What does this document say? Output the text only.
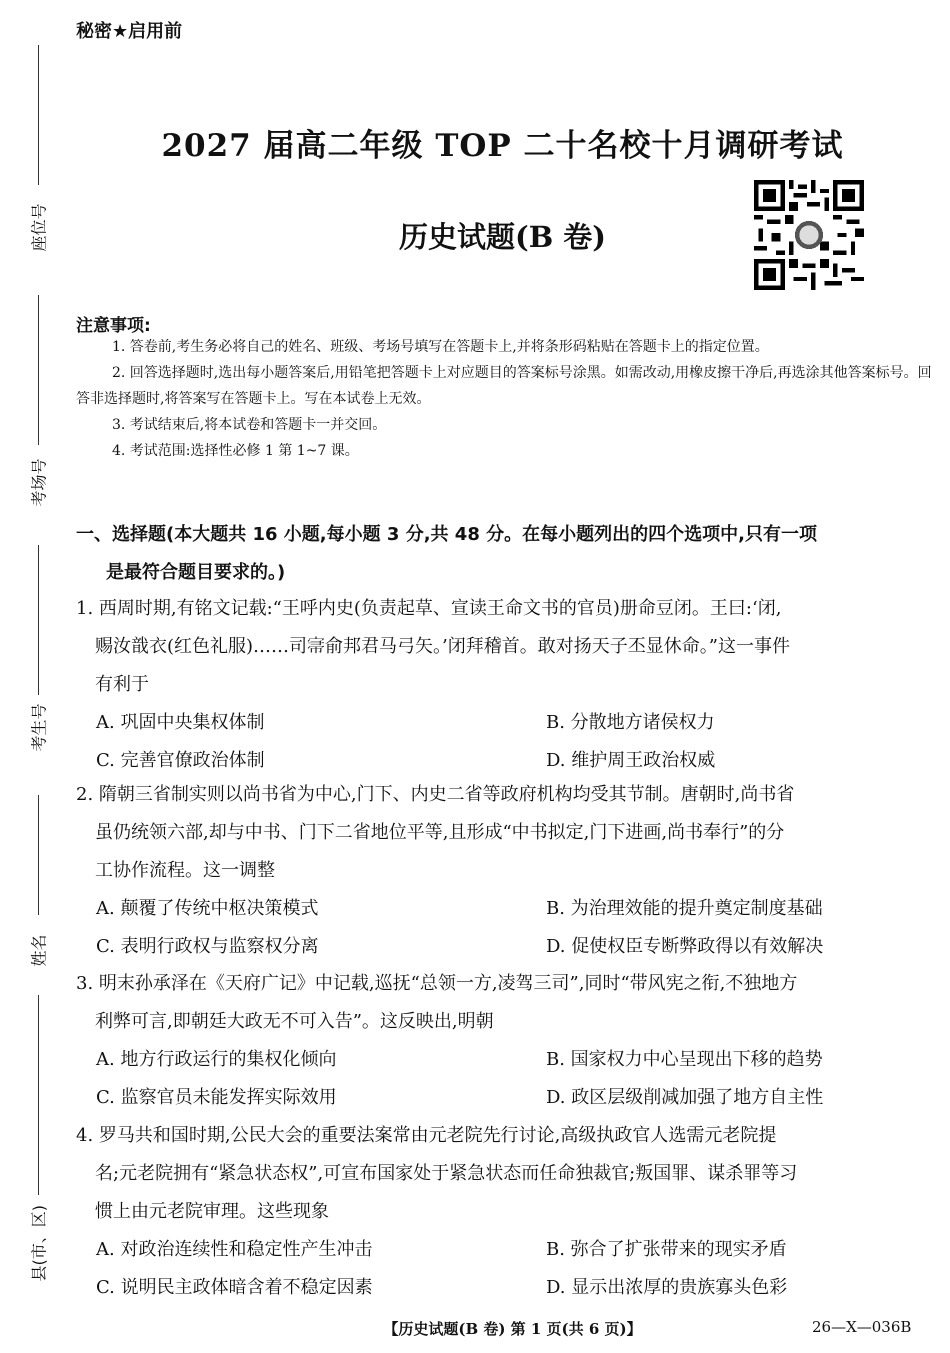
秘密★启用前
2027 届高二年级 TOP 二十名校十月调研考试
历史试题(B 卷)
座位号
考场号
考生号
姓名
县(市、区)
注意事项:

1. 答卷前,考生务必将自己的姓名、班级、考场号填写在答题卡上,并将条形码粘贴在答题卡上的指定位置。

2. 回答选择题时,选出每小题答案后,用铅笔把答题卡上对应题目的答案标号涂黑。如需改动,用橡皮擦干净后,再选涂其他答案标号。回答非选择题时,将答案写在答题卡上。写在本试卷上无效。

3. 考试结束后,将本试卷和答题卡一并交回。

4. 考试范围:选择性必修 1 第 1~7 课。

一、选择题(本大题共 16 小题,每小题 3 分,共 48 分。在每小题列出的四个选项中,只有一项
是最符合题目要求的。)
1. 西周时期,有铭文记载:“王呼内史(负责起草、宣读王命文书的官员)册命豆闭。王曰:‘闭,
赐汝戠衣(红色礼服)……司𡨦俞邦君马弓矢。’闭拜稽首。敢对扬天子丕显休命。”这一事件
有利于
A. 巩固中央集权体制	B. 分散地方诸侯权力
C. 完善官僚政治体制	D. 维护周王政治权威
2. 隋朝三省制实则以尚书省为中心,门下、内史二省等政府机构均受其节制。唐朝时,尚书省
虽仍统领六部,却与中书、门下二省地位平等,且形成“中书拟定,门下进画,尚书奉行”的分
工协作流程。这一调整
A. 颠覆了传统中枢决策模式	B. 为治理效能的提升奠定制度基础
C. 表明行政权与监察权分离	D. 促使权臣专断弊政得以有效解决
3. 明末孙承泽在《天府广记》中记载,巡抚“总领一方,凌驾三司”,同时“带风宪之衔,不独地方
利弊可言,即朝廷大政无不可入告”。这反映出,明朝
A. 地方行政运行的集权化倾向	B. 国家权力中心呈现出下移的趋势
C. 监察官员未能发挥实际效用	D. 政区层级削减加强了地方自主性
4. 罗马共和国时期,公民大会的重要法案常由元老院先行讨论,高级执政官人选需元老院提
名;元老院拥有“紧急状态权”,可宣布国家处于紧急状态而任命独裁官;叛国罪、谋杀罪等习
惯上由元老院审理。这些现象
A. 对政治连续性和稳定性产生冲击	B. 弥合了扩张带来的现实矛盾
C. 说明民主政体暗含着不稳定因素	D. 显示出浓厚的贵族寡头色彩
【历史试题(B 卷) 第 1 页(共 6 页)】	26—X—036B
